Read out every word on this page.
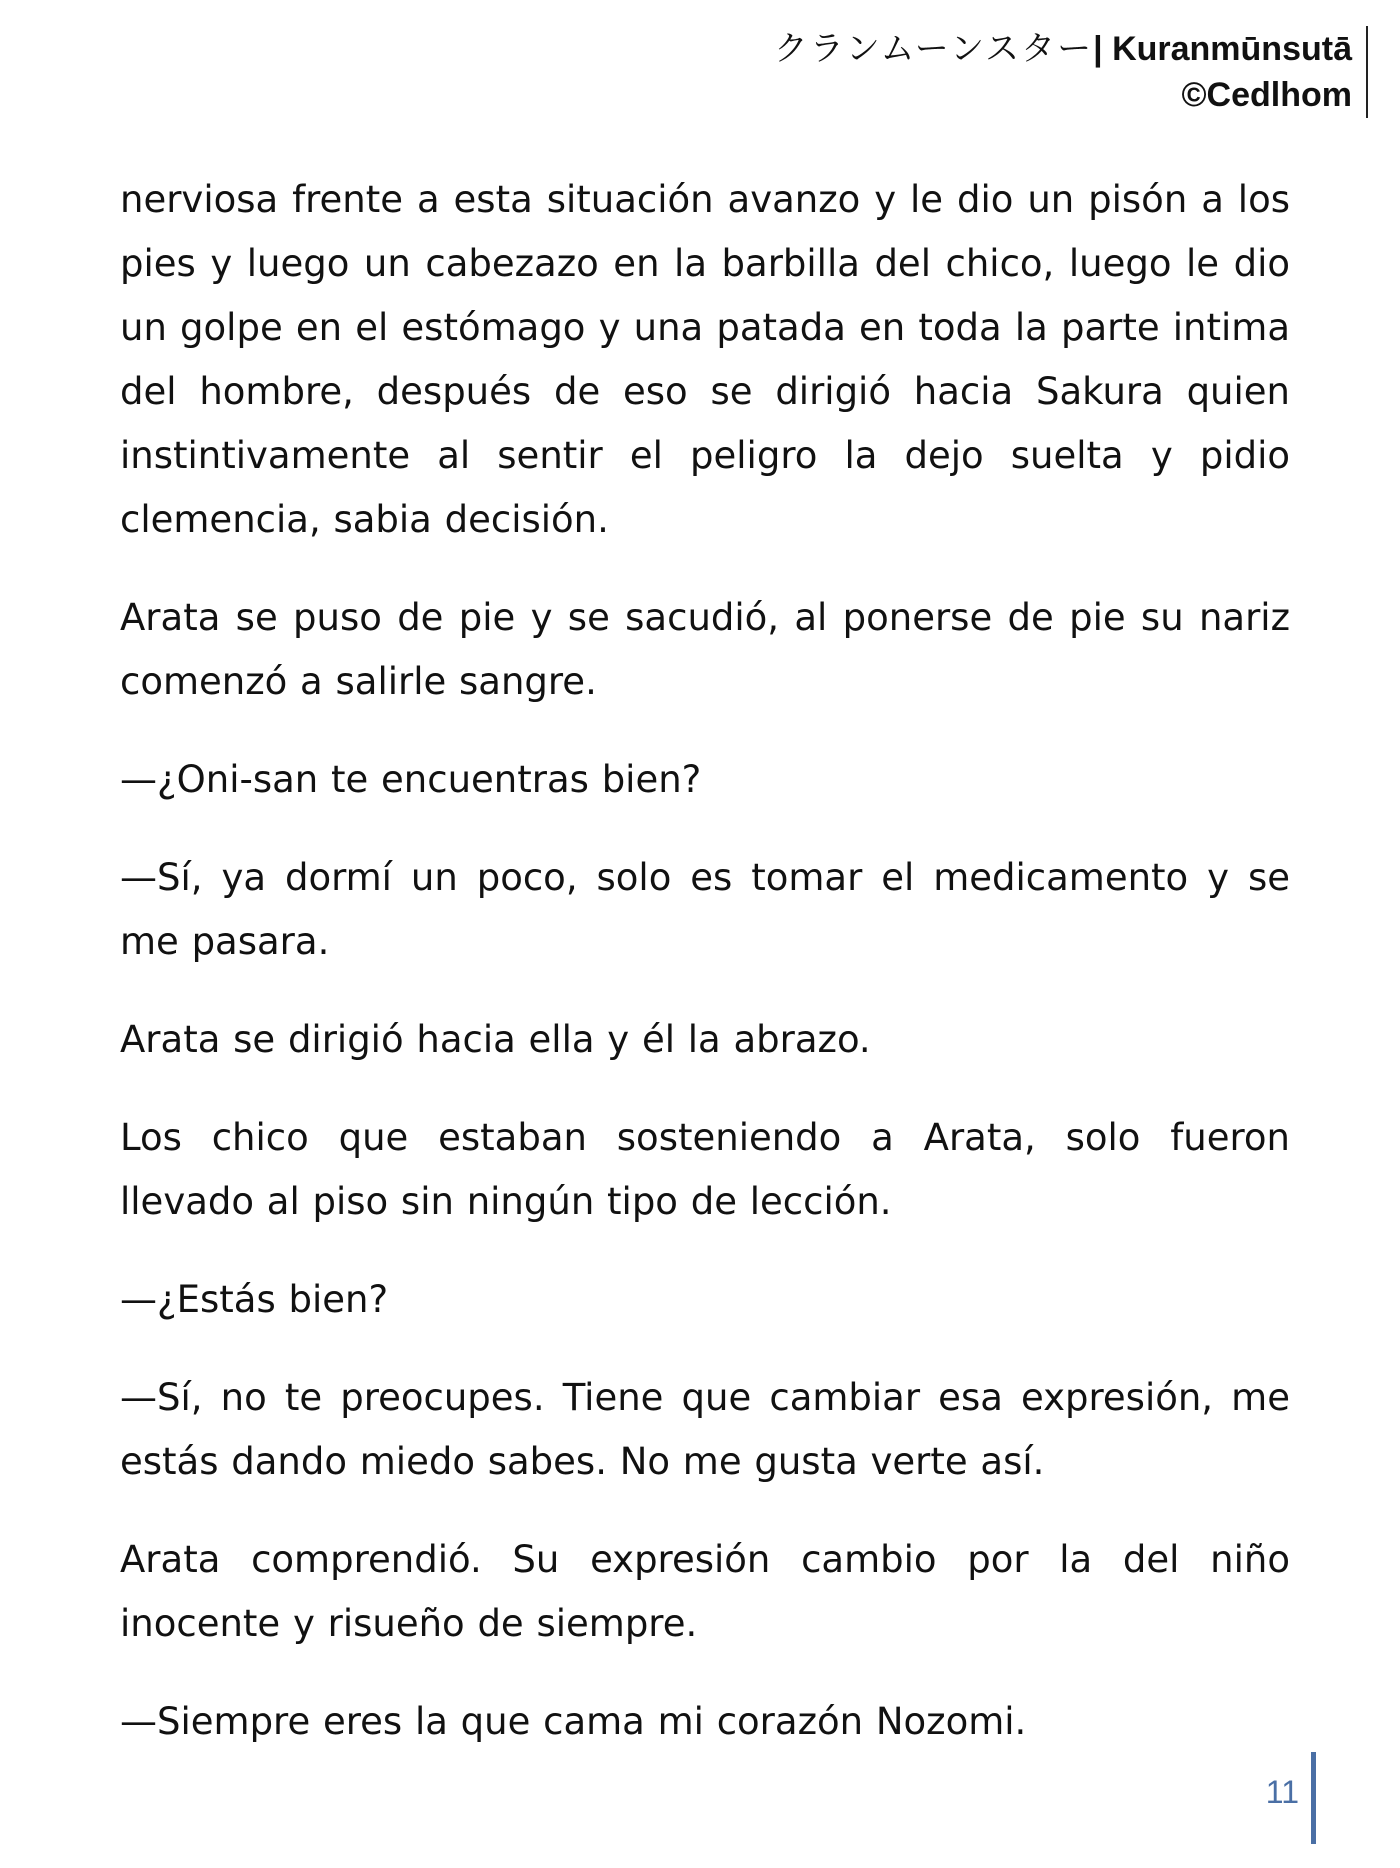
クランムーンスター| Kuranmūnsutā
©Cedlhom

nerviosa frente a esta situación avanzo y le dio un pisón a los pies y luego un cabezazo en la barbilla del chico, luego le dio un golpe en el estómago y una patada en toda la parte intima del hombre, después de eso se dirigió hacia Sakura quien instintivamente al sentir el peligro la dejo suelta y pidio clemencia, sabia decisión.

Arata se puso de pie y se sacudió, al ponerse de pie su nariz comenzó a salirle sangre.

—¿Oni-san te encuentras bien?

—Sí, ya dormí un poco, solo es tomar el medicamento y se me pasara.

Arata se dirigió hacia ella y él la abrazo.

Los chico que estaban sosteniendo a Arata, solo fueron llevado al piso sin ningún tipo de lección.

—¿Estás bien?

—Sí, no te preocupes. Tiene que cambiar esa expresión, me estás dando miedo sabes. No me gusta verte así.

Arata comprendió. Su expresión cambio por la del niño inocente y risueño de siempre.

—Siempre eres la que cama mi corazón Nozomi.

11
